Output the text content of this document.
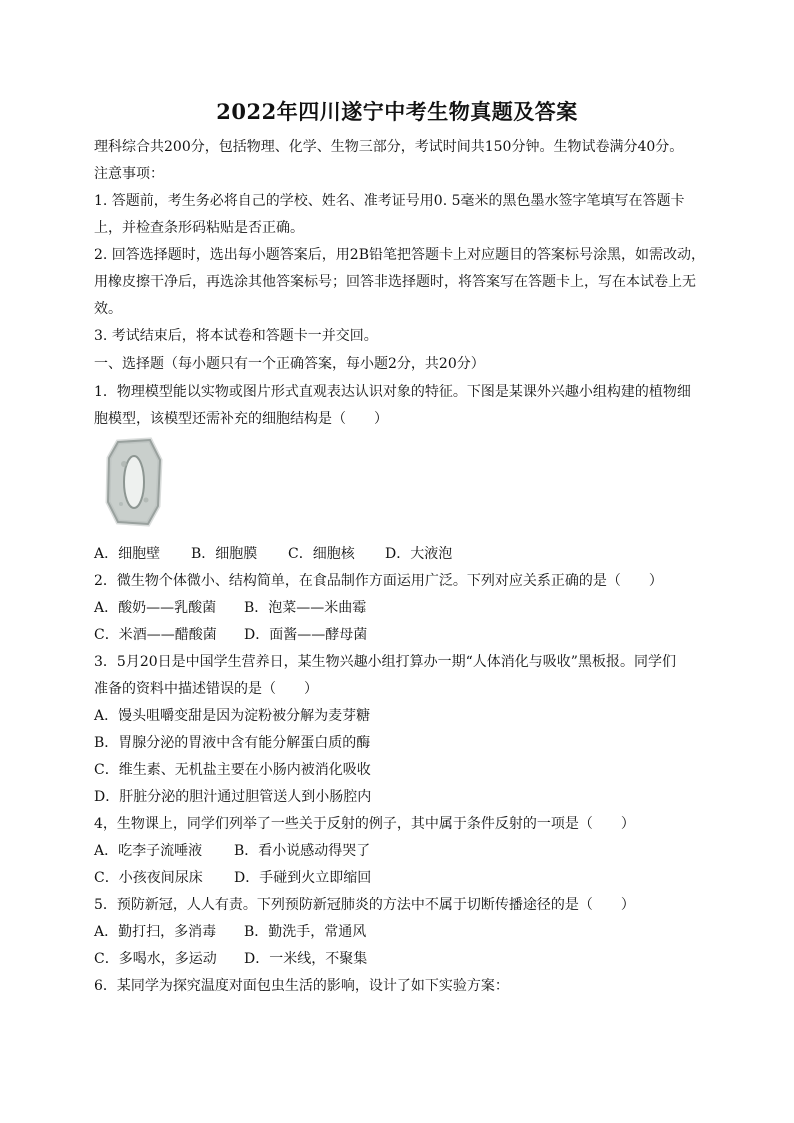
2022年四川遂宁中考生物真题及答案
理科综合共200分，包括物理、化学、生物三部分，考试时间共150分钟。生物试卷满分40分。
注意事项：
1. 答题前，考生务必将自己的学校、姓名、准考证号用0. 5毫米的黑色墨水签字笔填写在答题卡
上，并检查条形码粘贴是否正确。
2. 回答选择题时，选出每小题答案后，用2B铅笔把答题卡上对应题目的答案标号涂黑，如需改动，
用橡皮擦干净后，再选涂其他答案标号；回答非选择题时，将答案写在答题卡上，写在本试卷上无
效。
3. 考试结束后，将本试卷和答题卡一并交回。
一、选择题（每小题只有一个正确答案，每小题2分，共20分）
1．物理模型能以实物或图片形式直观表达认识对象的特征。下图是某课外兴趣小组构建的植物细
胞模型，该模型还需补充的细胞结构是（　　）
A．细胞壁 B．细胞膜 C．细胞核 D．大液泡
2．微生物个体微小、结构简单，在食品制作方面运用广泛。下列对应关系正确的是（　　）
A．酸奶——乳酸菌 B．泡菜——米曲霉
C．米酒——醋酸菌 D．面酱——酵母菌
3．5月20日是中国学生营养日，某生物兴趣小组打算办一期“人体消化与吸收”黑板报。同学们
准备的资料中描述错误的是（　　）
A．馒头咀嚼变甜是因为淀粉被分解为麦芽糖
B．胃腺分泌的胃液中含有能分解蛋白质的酶
C．维生素、无机盐主要在小肠内被消化吸收
D．肝脏分泌的胆汁通过胆管送人到小肠腔内
4，生物课上，同学们列举了一些关于反射的例子，其中属于条件反射的一项是（　　）
A．吃李子流唾液 B．看小说感动得哭了
C．小孩夜间尿床 D．手碰到火立即缩回
5．预防新冠，人人有责。下列预防新冠肺炎的方法中不属于切断传播途径的是（　　）
A．勤打扫，多消毒 B．勤洗手，常通风
C．多喝水，多运动 D．一米线，不聚集
6．某同学为探究温度对面包虫生活的影响，设计了如下实验方案：
